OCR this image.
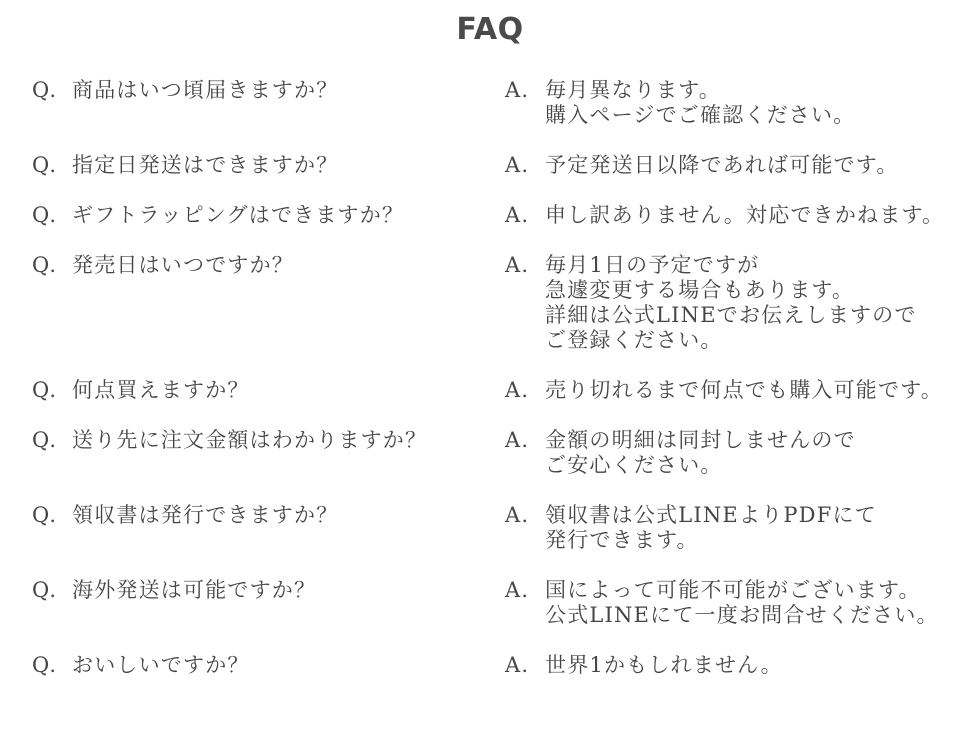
FAQ
Q. 商品はいつ頃届きますか？	A. 毎月異なります。
購入ページでご確認ください。
Q. 指定日発送はできますか？	A. 予定発送日以降であれば可能です。
Q. ギフトラッピングはできますか？	A. 申し訳ありません。対応できかねます。
Q. 発売日はいつですか？	A. 毎月1日の予定ですが
急遽変更する場合もあります。
詳細は公式LINEでお伝えしますので
ご登録ください。
Q. 何点買えますか？	A. 売り切れるまで何点でも購入可能です。
Q. 送り先に注文金額はわかりますか？	A. 金額の明細は同封しませんので
ご安心ください。
Q. 領収書は発行できますか？	A. 領収書は公式LINEよりPDFにて
発行できます。
Q. 海外発送は可能ですか？	A. 国によって可能不可能がございます。
公式LINEにて一度お問合せください。
Q. おいしいですか？	A. 世界1かもしれません。
